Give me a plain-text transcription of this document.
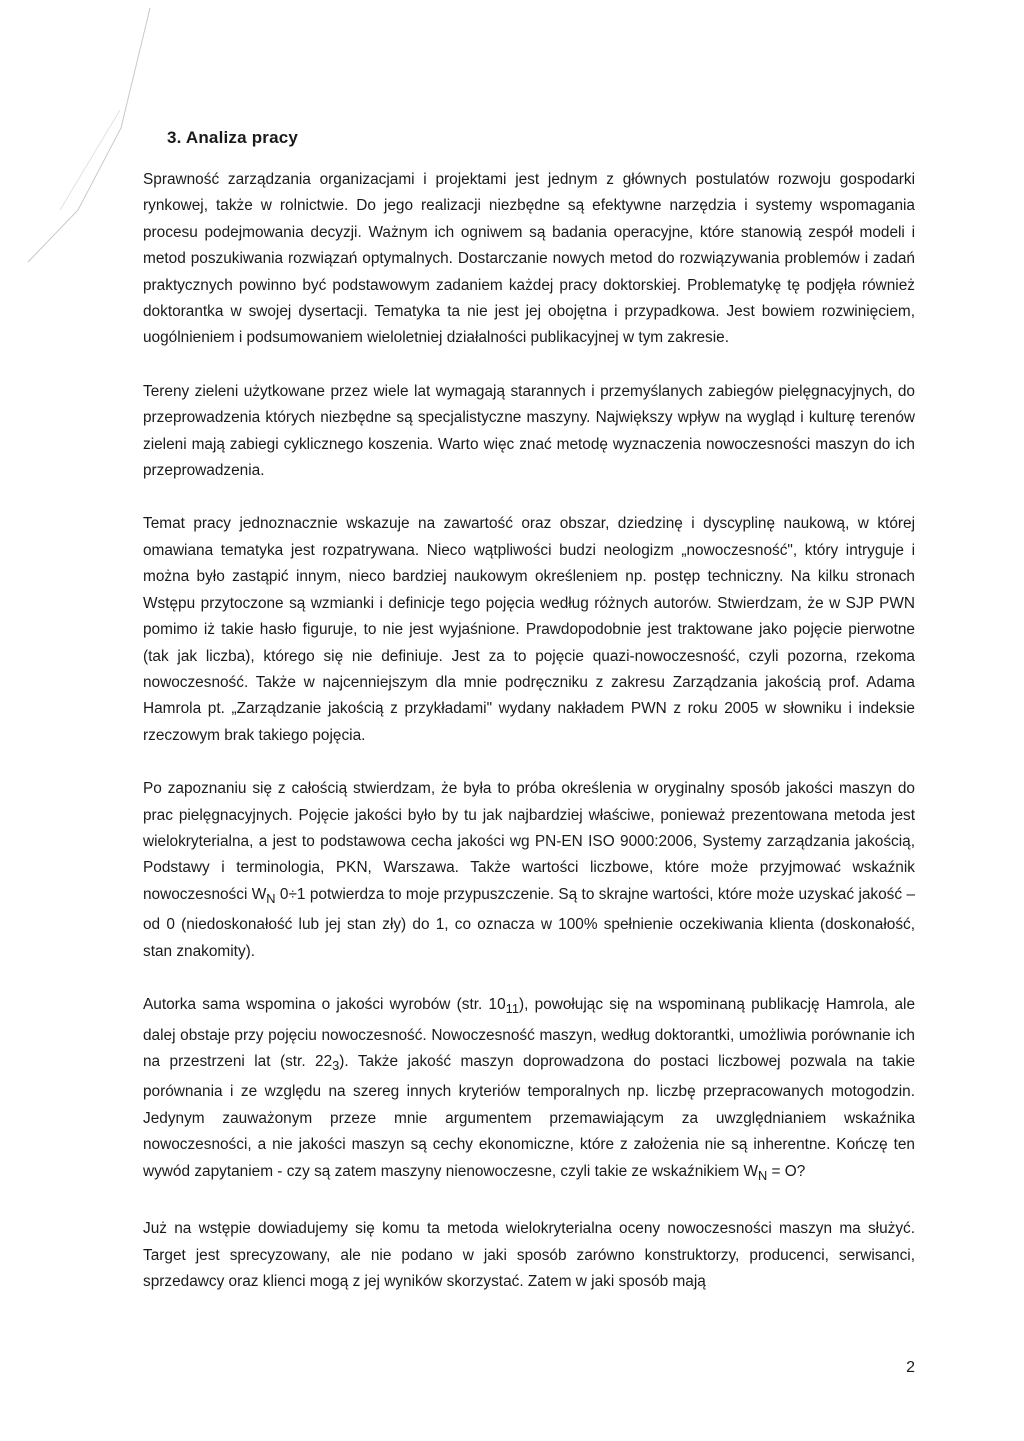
3. Analiza pracy

Sprawność zarządzania organizacjami i projektami jest jednym z głównych postulatów rozwoju gospodarki rynkowej, także w rolnictwie. Do jego realizacji niezbędne są efektywne narzędzia i systemy wspomagania procesu podejmowania decyzji. Ważnym ich ogniwem są badania operacyjne, które stanowią zespół modeli i metod poszukiwania rozwiązań optymalnych. Dostarczanie nowych metod do rozwiązywania problemów i zadań praktycznych powinno być podstawowym zadaniem każdej pracy doktorskiej. Problematykę tę podjęła również doktorantka w swojej dysertacji. Tematyka ta nie jest jej obojętna i przypadkowa. Jest bowiem rozwinięciem, uogólnieniem i podsumowaniem wieloletniej działalności publikacyjnej w tym zakresie.

Tereny zieleni użytkowane przez wiele lat wymagają starannych i przemyślanych zabiegów pielęgnacyjnych, do przeprowadzenia których niezbędne są specjalistyczne maszyny. Największy wpływ na wygląd i kulturę terenów zieleni mają zabiegi cyklicznego koszenia. Warto więc znać metodę wyznaczenia nowoczesności maszyn do ich przeprowadzenia.

Temat pracy jednoznacznie wskazuje na zawartość oraz obszar, dziedzinę i dyscyplinę naukową, w której omawiana tematyka jest rozpatrywana. Nieco wątpliwości budzi neologizm „nowoczesność", który intryguje i można było zastąpić innym, nieco bardziej naukowym określeniem np. postęp techniczny. Na kilku stronach Wstępu przytoczone są wzmianki i definicje tego pojęcia według różnych autorów. Stwierdzam, że w SJP PWN pomimo iż takie hasło figuruje, to nie jest wyjaśnione. Prawdopodobnie jest traktowane jako pojęcie pierwotne (tak jak liczba), którego się nie definiuje. Jest za to pojęcie quazi-nowoczesność, czyli pozorna, rzekoma nowoczesność. Także w najcenniejszym dla mnie podręczniku z zakresu Zarządzania jakością prof. Adama Hamrola pt. „Zarządzanie jakością z przykładami" wydany nakładem PWN z roku 2005 w słowniku i indeksie rzeczowym brak takiego pojęcia.

Po zapoznaniu się z całością stwierdzam, że była to próba określenia w oryginalny sposób jakości maszyn do prac pielęgnacyjnych. Pojęcie jakości było by tu jak najbardziej właściwe, ponieważ prezentowana metoda jest wielokryterialna, a jest to podstawowa cecha jakości wg PN-EN ISO 9000:2006, Systemy zarządzania jakością, Podstawy i terminologia, PKN, Warszawa. Także wartości liczbowe, które może przyjmować wskaźnik nowoczesności $W_N$ 0÷1 potwierdza to moje przypuszczenie. Są to skrajne wartości, które może uzyskać jakość – od 0 (niedoskonałość lub jej stan zły) do 1, co oznacza w 100% spełnienie oczekiwania klienta (doskonałość, stan znakomity).

Autorka sama wspomina o jakości wyrobów (str. $10_{11}$), powołując się na wspominaną publikację Hamrola, ale dalej obstaje przy pojęciu nowoczesność. Nowoczesność maszyn, według doktorantki, umożliwia porównanie ich na przestrzeni lat (str. $22_3$). Także jakość maszyn doprowadzona do postaci liczbowej pozwala na takie porównania i ze względu na szereg innych kryteriów temporalnych np. liczbę przepracowanych motogodzin. Jedynym zauważonym przeze mnie argumentem przemawiającym za uwzględnianiem wskaźnika nowoczesności, a nie jakości maszyn są cechy ekonomiczne, które z założenia nie są inherentne. Kończę ten wywód zapytaniem - czy są zatem maszyny nienowoczesne, czyli takie ze wskaźnikiem $W_N = O$?

Już na wstępie dowiadujemy się komu ta metoda wielokryterialna oceny nowoczesności maszyn ma służyć. Target jest sprecyzowany, ale nie podano w jaki sposób zarówno konstruktorzy, producenci, serwisanci, sprzedawcy oraz klienci mogą z jej wyników skorzystać. Zatem w jaki sposób mają

2
